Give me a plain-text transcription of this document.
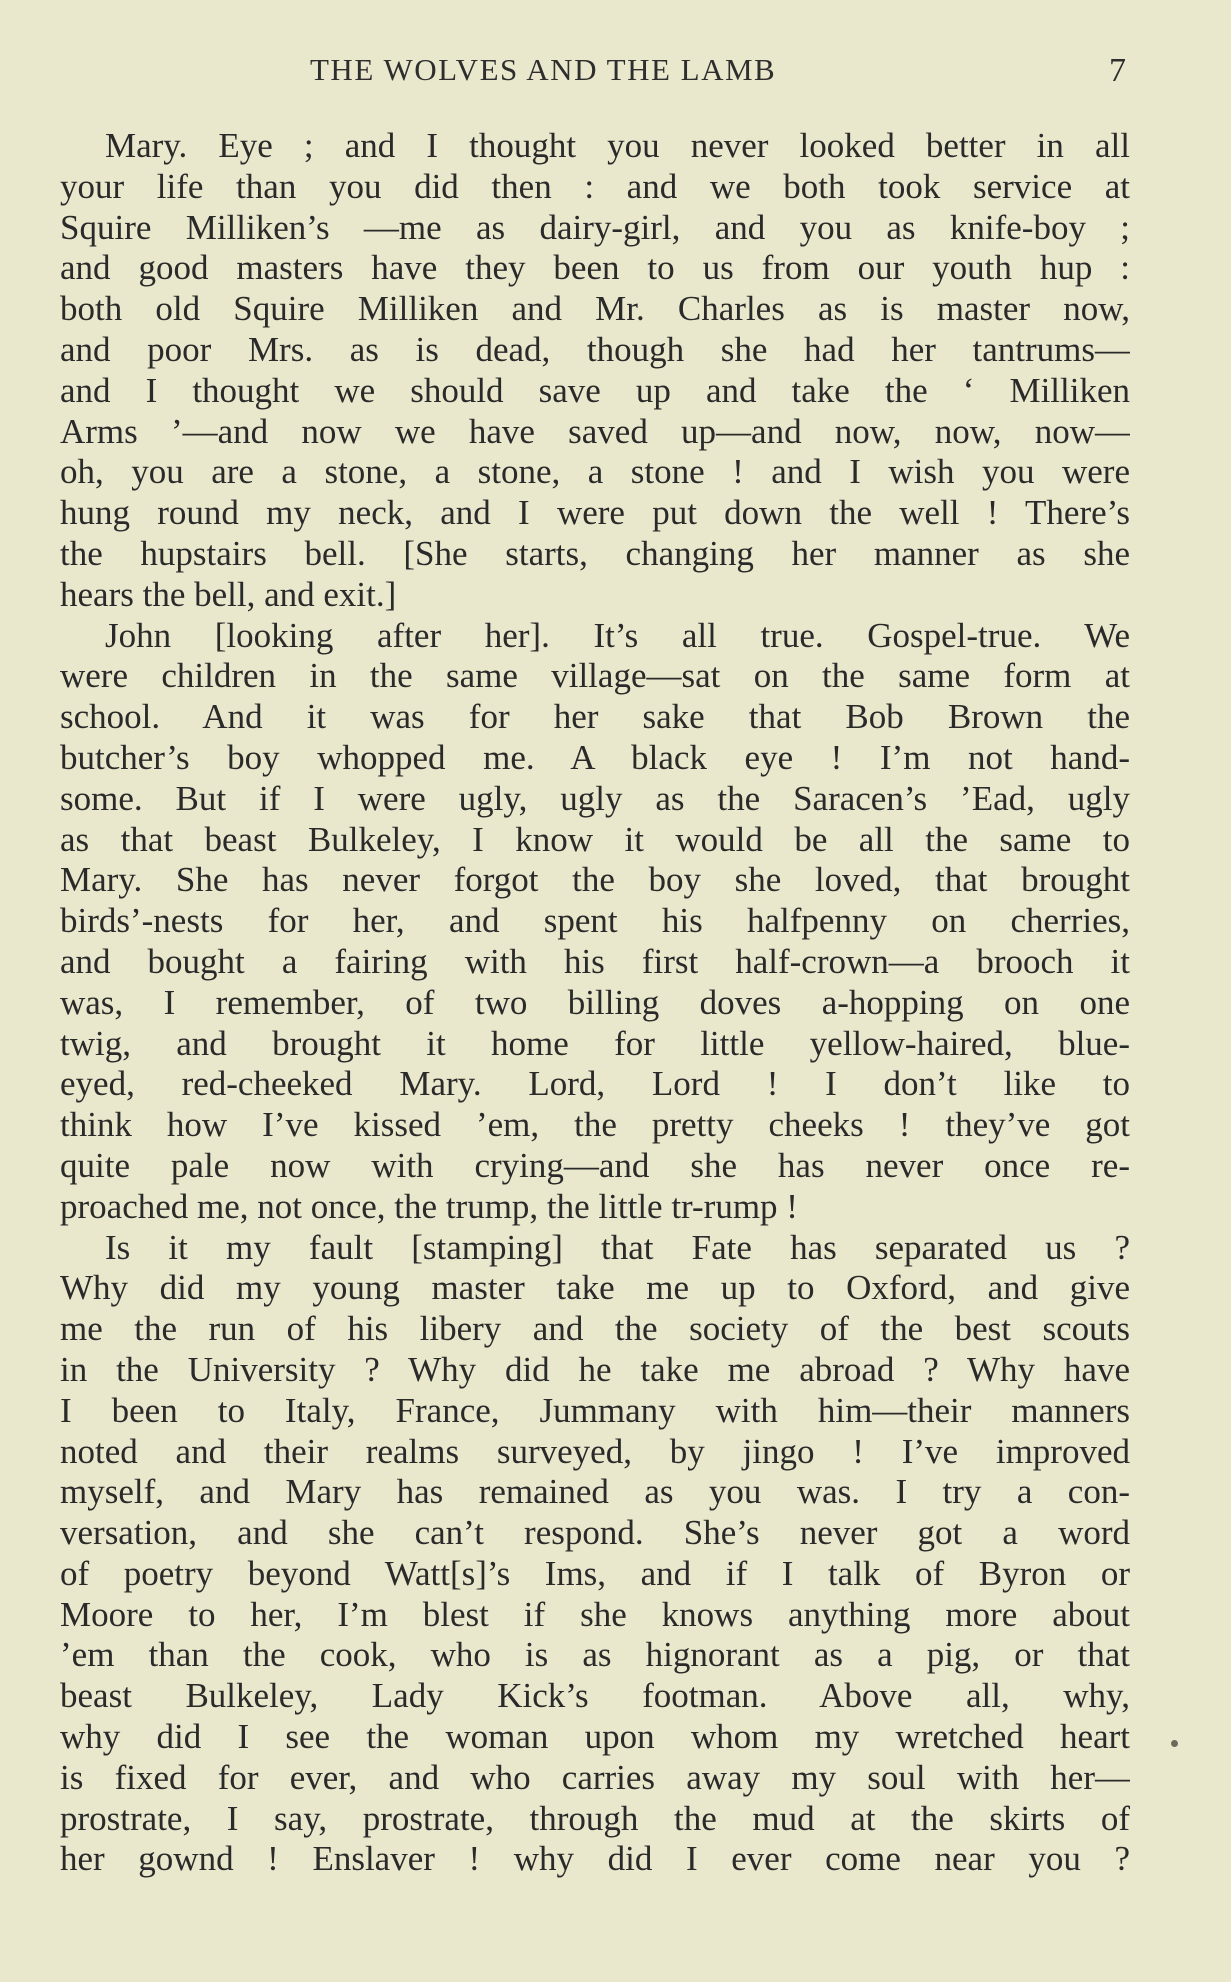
THE WOLVES AND THE LAMB	7
Mary. Eye ; and I thought you never looked better in all
your life than you did then : and we both took service at
Squire Milliken’s —me as dairy-girl, and you as knife-boy ;
and good masters have they been to us from our youth hup :
both old Squire Milliken and Mr. Charles as is master now,
and poor Mrs. as is dead, though she had her tantrums—
and I thought we should save up and take the ‘ Milliken
Arms ’—and now we have saved up—and now, now, now—
oh, you are a stone, a stone, a stone ! and I wish you were
hung round my neck, and I were put down the well ! There’s
the hupstairs bell. [She starts, changing her manner as she
hears the bell, and exit.]
John [looking after her]. It’s all true. Gospel-true. We
were children in the same village—sat on the same form at
school. And it was for her sake that Bob Brown the
butcher’s boy whopped me. A black eye ! I’m not hand-
some. But if I were ugly, ugly as the Saracen’s ’Ead, ugly
as that beast Bulkeley, I know it would be all the same to
Mary. She has never forgot the boy she loved, that brought
birds’-nests for her, and spent his halfpenny on cherries,
and bought a fairing with his first half-crown—a brooch it
was, I remember, of two billing doves a-hopping on one
twig, and brought it home for little yellow-haired, blue-
eyed, red-cheeked Mary. Lord, Lord ! I don’t like to
think how I’ve kissed ’em, the pretty cheeks ! they’ve got
quite pale now with crying—and she has never once re-
proached me, not once, the trump, the little tr-rump !
Is it my fault [stamping] that Fate has separated us ?
Why did my young master take me up to Oxford, and give
me the run of his libery and the society of the best scouts
in the University ? Why did he take me abroad ? Why have
I been to Italy, France, Jummany with him—their manners
noted and their realms surveyed, by jingo ! I’ve improved
myself, and Mary has remained as you was. I try a con-
versation, and she can’t respond. She’s never got a word
of poetry beyond Watt[s]’s Ims, and if I talk of Byron or
Moore to her, I’m blest if she knows anything more about
’em than the cook, who is as hignorant as a pig, or that
beast Bulkeley, Lady Kick’s footman. Above all, why,
why did I see the woman upon whom my wretched heart
is fixed for ever, and who carries away my soul with her—
prostrate, I say, prostrate, through the mud at the skirts of
her gownd ! Enslaver ! why did I ever come near you ?
